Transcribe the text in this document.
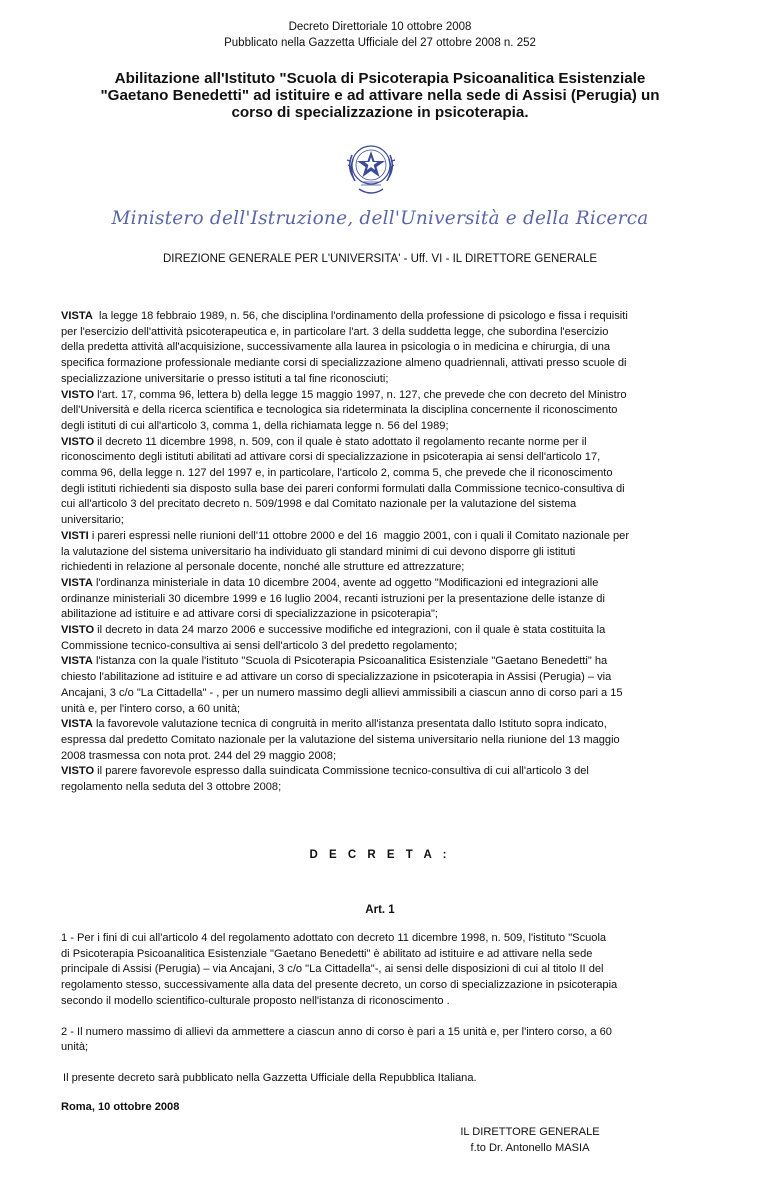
Decreto Direttoriale 10 ottobre 2008
Pubblicato nella Gazzetta Ufficiale del 27 ottobre 2008 n. 252
Abilitazione all'Istituto "Scuola di Psicoterapia Psicoanalitica Esistenziale
"Gaetano Benedetti" ad istituire e ad attivare nella sede di Assisi (Perugia) un
corso di specializzazione in psicoterapia.
Ministero dell'Istruzione, dell'Università e della Ricerca
DIREZIONE GENERALE PER L'UNIVERSITA' - Uff. VI - IL DIRETTORE GENERALE

VISTA  la legge 18 febbraio 1989, n. 56, che disciplina l'ordinamento della professione di psicologo e fissa i requisiti
per l'esercizio dell'attività psicoterapeutica e, in particolare l'art. 3 della suddetta legge, che subordina l'esercizio
della predetta attività all'acquisizione, successivamente alla laurea in psicologia o in medicina e chirurgia, di una
specifica formazione professionale mediante corsi di specializzazione almeno quadriennali, attivati presso scuole di
specializzazione universitarie o presso istituti a tal fine riconosciuti;

VISTO l'art. 17, comma 96, lettera b) della legge 15 maggio 1997, n. 127, che prevede che con decreto del Ministro
dell'Università e della ricerca scientifica e tecnologica sia rideterminata la disciplina concernente il riconoscimento
degli istituti di cui all'articolo 3, comma 1, della richiamata legge n. 56 del 1989;

VISTO il decreto 11 dicembre 1998, n. 509, con il quale è stato adottato il regolamento recante norme per il
riconoscimento degli istituti abilitati ad attivare corsi di specializzazione in psicoterapia ai sensi dell'articolo 17,
comma 96, della legge n. 127 del 1997 e, in particolare, l'articolo 2, comma 5, che prevede che il riconoscimento
degli istituti richiedenti sia disposto sulla base dei pareri conformi formulati dalla Commissione tecnico-consultiva di
cui all'articolo 3 del precitato decreto n. 509/1998 e dal Comitato nazionale per la valutazione del sistema
universitario;

VISTI i pareri espressi nelle riunioni dell'11 ottobre 2000 e del 16  maggio 2001, con i quali il Comitato nazionale per
la valutazione del sistema universitario ha individuato gli standard minimi di cui devono disporre gli istituti
richiedenti in relazione al personale docente, nonché alle strutture ed attrezzature;

VISTA l'ordinanza ministeriale in data 10 dicembre 2004, avente ad oggetto "Modificazioni ed integrazioni alle
ordinanze ministeriali 30 dicembre 1999 e 16 luglio 2004, recanti istruzioni per la presentazione delle istanze di
abilitazione ad istituire e ad attivare corsi di specializzazione in psicoterapia";

VISTO il decreto in data 24 marzo 2006 e successive modifiche ed integrazioni, con il quale è stata costituita la
Commissione tecnico-consultiva ai sensi dell'articolo 3 del predetto regolamento;

VISTA l'istanza con la quale l'istituto "Scuola di Psicoterapia Psicoanalitica Esistenziale "Gaetano Benedetti" ha
chiesto l'abilitazione ad istituire e ad attivare un corso di specializzazione in psicoterapia in Assisi (Perugia) – via
Ancajani, 3 c/o "La Cittadella" - , per un numero massimo degli allievi ammissibili a ciascun anno di corso pari a 15
unità e, per l'intero corso, a 60 unità;

VISTA la favorevole valutazione tecnica di congruità in merito all'istanza presentata dallo Istituto sopra indicato,
espressa dal predetto Comitato nazionale per la valutazione del sistema universitario nella riunione del 13 maggio
2008 trasmessa con nota prot. 244 del 29 maggio 2008;

VISTO il parere favorevole espresso dalla suindicata Commissione tecnico-consultiva di cui all'articolo 3 del
regolamento nella seduta del 3 ottobre 2008;

D E C R E T A :
Art. 1
1 - Per i fini di cui all'articolo 4 del regolamento adottato con decreto 11 dicembre 1998, n. 509, l'istituto "Scuola
di Psicoterapia Psicoanalitica Esistenziale "Gaetano Benedetti" è abilitato ad istituire e ad attivare nella sede
principale di Assisi (Perugia) – via Ancajani, 3 c/o "La Cittadella"-, ai sensi delle disposizioni di cui al titolo II del
regolamento stesso, successivamente alla data del presente decreto, un corso di specializzazione in psicoterapia
secondo il modello scientifico-culturale proposto nell'istanza di riconoscimento .
2 - Il numero massimo di allievi da ammettere a ciascun anno di corso è pari a 15 unità e, per l'intero corso, a 60
unità;
Il presente decreto sarà pubblicato nella Gazzetta Ufficiale della Repubblica Italiana.
Roma, 10 ottobre 2008
IL DIRETTORE GENERALE
f.to Dr. Antonello MASIA
